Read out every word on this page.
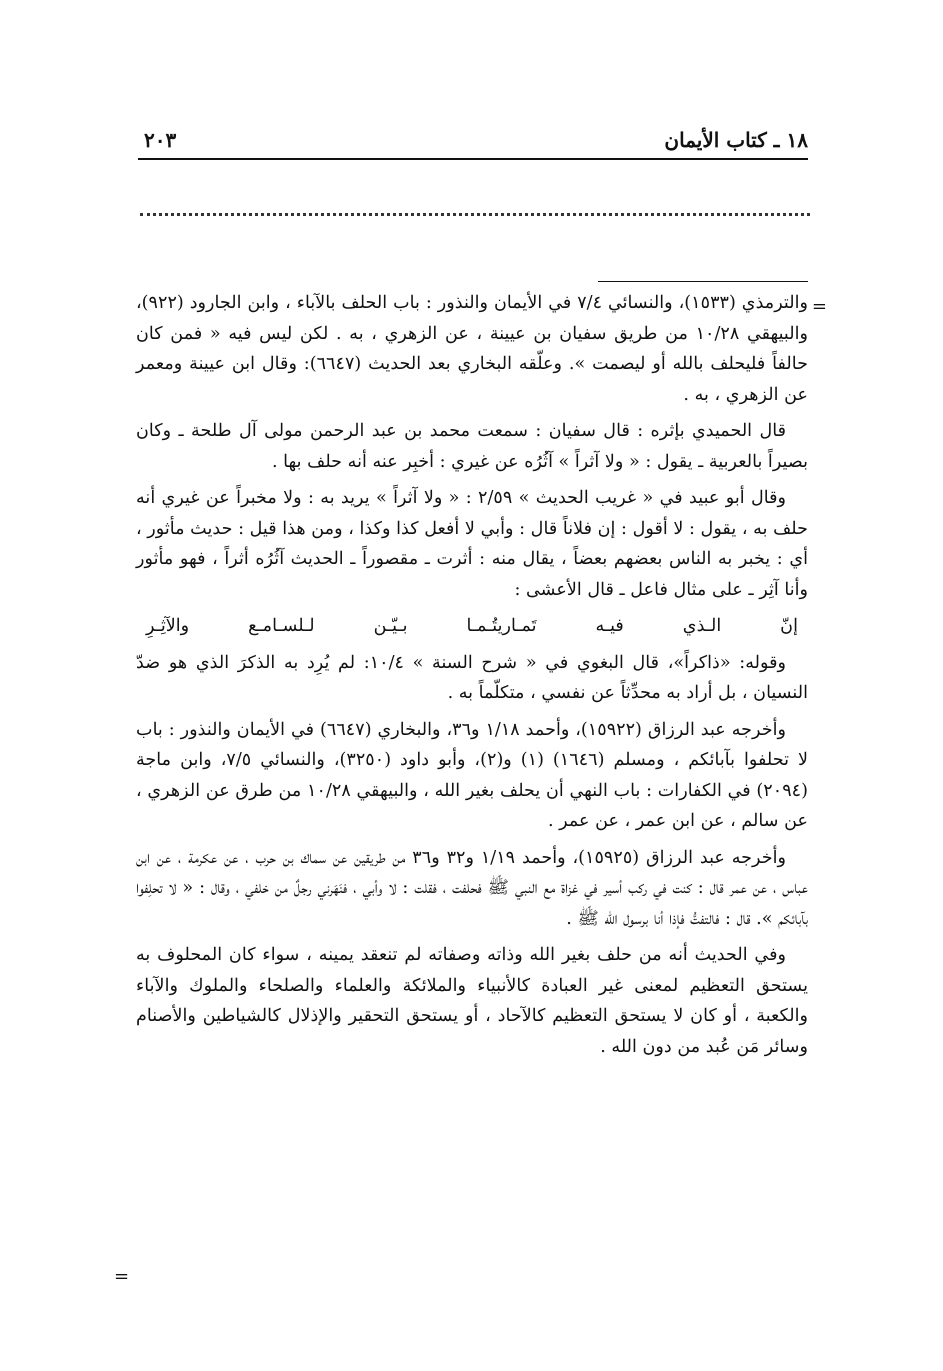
١٨ ـ كتاب الأيمان
٢٠٣
=

والترمذي (١٥٣٣)، والنسائي ٧/٤ في الأيمان والنذور : باب الحلف بالآباء ، وابن الجارود (٩٢٢)، والبيهقي ١٠/٢٨ من طريق سفيان بن عيينة ، عن الزهري ، به . لكن ليس فيه « فمن كان حالفاً فليحلف بالله أو ليصمت ». وعلّقه البخاري بعد الحديث (٦٦٤٧): وقال ابن عيينة ومعمر عن الزهري ، به .

قال الحميدي بإثره : قال سفيان : سمعت محمد بن عبد الرحمن مولى آل طلحة ـ وكان بصيراً بالعربية ـ يقول : « ولا آثراً » آثُرُه عن غيري : أخبِر عنه أنه حلف بها .

وقال أبو عبيد في « غريب الحديث » ٢/٥٩ : « ولا آثراً » يريد به : ولا مخبراً عن غيري أنه حلف به ، يقول : لا أقول : إن فلاناً قال : وأبي لا أفعل كذا وكذا ، ومن هذا قيل : حديث مأثور ، أي : يخبر به الناس بعضهم بعضاً ، يقال منه : أثرت ـ مقصوراً ـ الحديث آثُرُه أثراً ، فهو مأثور وأنا آثِر ـ على مثال فاعل ـ قال الأعشى :

إنّ الـذي فيـه تَمـاريتُـمـا بـيّـن لـلسـامـع والآثِـرِ

وقوله: «ذاكراً»، قال البغوي في « شرح السنة » ١٠/٤: لم يُرِد به الذكرَ الذي هو ضدّ النسيان ، بل أراد به محدِّثاً عن نفسي ، متكلّماً به .

وأخرجه عبد الرزاق (١٥٩٢٢)، وأحمد ١/١٨ و٣٦، والبخاري (٦٦٤٧) في الأيمان والنذور : باب لا تحلفوا بآبائكم ، ومسلم (١٦٤٦) (١) و(٢)، وأبو داود (٣٢٥٠)، والنسائي ٧/٥، وابن ماجة (٢٠٩٤) في الكفارات : باب النهي أن يحلف بغير الله ، والبيهقي ١٠/٢٨ من طرق عن الزهري ، عن سالم ، عن ابن عمر ، عن عمر .

وأخرجه عبد الرزاق (١٥٩٢٥)، وأحمد ١/١٩ و٣٢ و٣٦ من طريقين عن سماك بن حرب ، عن عكرمة ، عن ابن عباس ، عن عمر قال : كنت في ركب أسير في غزاة مع النبي ﷺ فحلفت ، فقلت : لا وأبي ، فنَهَرني رجلٌ من خلفي ، وقال : « لا تحلِفوا بآبائكم ». قال : فالتفتُّ فإذا أنا برسول الله ﷺ .

وفي الحديث أنه من حلف بغير الله وذاته وصفاته لم تنعقد يمينه ، سواء كان المحلوف به يستحق التعظيم لمعنى غير العبادة كالأنبياء والملائكة والعلماء والصلحاء والملوك والآباء والكعبة ، أو كان لا يستحق التعظيم كالآحاد ، أو يستحق التحقير والإذلال كالشياطين والأصنام وسائر مَن عُبد من دون الله .

=
